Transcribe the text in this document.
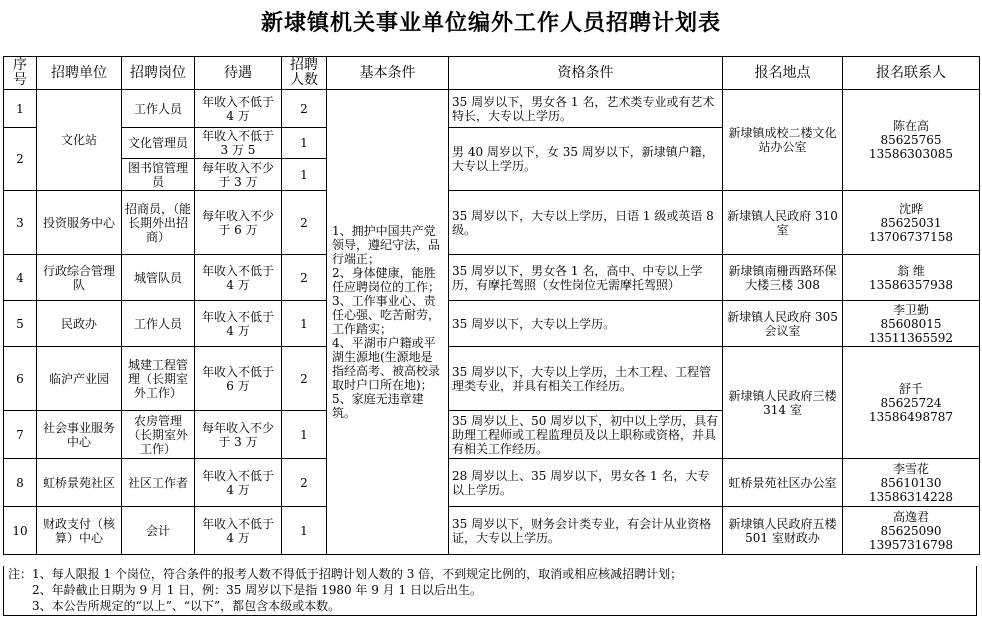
新埭镇机关事业单位编外工作人员招聘计划表
序号	招聘单位	招聘岗位	待遇	招聘人数	基本条件	资格条件	报名地点	报名联系人
1	文化站	工作人员	年收入不低于 4 万	2	1、拥护中国共产党领导，遵纪守法，品行端正；
2、身体健康，能胜任应聘岗位的工作；
3、工作事业心、责任心强、吃苦耐劳，工作踏实；
4、平湖市户籍或平湖生源地(生源地是指经高考、被高校录取时户口所在地)；
5、家庭无违章建筑。	35 周岁以下，男女各 1 名，艺术类专业或有艺术特长，大专以上学历。	新埭镇成校二楼文化站办公室	陈在高
85625765
13586303085

2		文化管理员	年收入不低于 3 万 5	1		男 40 周岁以下，女 35 周岁以下，新埭镇户籍，大专以上学历。		
		图书馆管理员	每年收入不少于 3 万	1				
3	投资服务中心	招商员，（能长期外出招商）	每年收入不少于 6 万	2		35 周岁以下，大专以上学历，日语 1 级或英语 8 级。	新埭镇人民政府 310 室	沈晔
85625031
13706737158

4	行政综合管理队	城管队员	年收入不低于 4 万	2		35 周岁以下，男女各 1 名，高中、中专以上学历，有摩托驾照（女性岗位无需摩托驾照）	新埭镇南栅西路环保大楼三楼 308	翁 维
13586357938

5	民政办	工作人员	年收入不低于 4 万	1		35 周岁以下，大专以上学历。	新埭镇人民政府 305 会议室	李卫勤
85608015
13511365592

6	临沪产业园	城建工程管理（长期室外工作）	年收入不低于 6 万	2		35 周岁以下，大专以上学历，土木工程、工程管理类专业，并具有相关工作经历。	新埭镇人民政府三楼 314 室	舒千
85625724
13586498787

7	社会事业服务中心	农房管理（长期室外工作）	每年收入不少于 3 万	1		35 周岁以上、50 周岁以下，初中以上学历，具有助理工程师或工程监理员及以上职称或资格，并具有相关工作经历。		
8	虹桥景苑社区	社区工作者	年收入不低于 4 万	2		28 周岁以上、35 周岁以下，男女各 1 名，大专以上学历。	虹桥景苑社区办公室	李雪花
85610130
13586314228

10	财政支付（核算）中心	会计	年收入不低于 4 万	1		35 周岁以下，财务会计类专业，有会计从业资格证，大专以上学历。	新埭镇人民政府五楼 501 室财政办	高逸君
85625090
13957316798
注：1、每人限报 1 个岗位，符合条件的报考人数不得低于招聘计划人数的 3 倍，不到规定比例的，取消或相应核减招聘计划；
2、年龄截止日期为 9 月 1 日，例：35 周岁以下是指 1980 年 9 月 1 日以后出生。
3、本公告所规定的“以上”、“以下”，都包含本级或本数。
